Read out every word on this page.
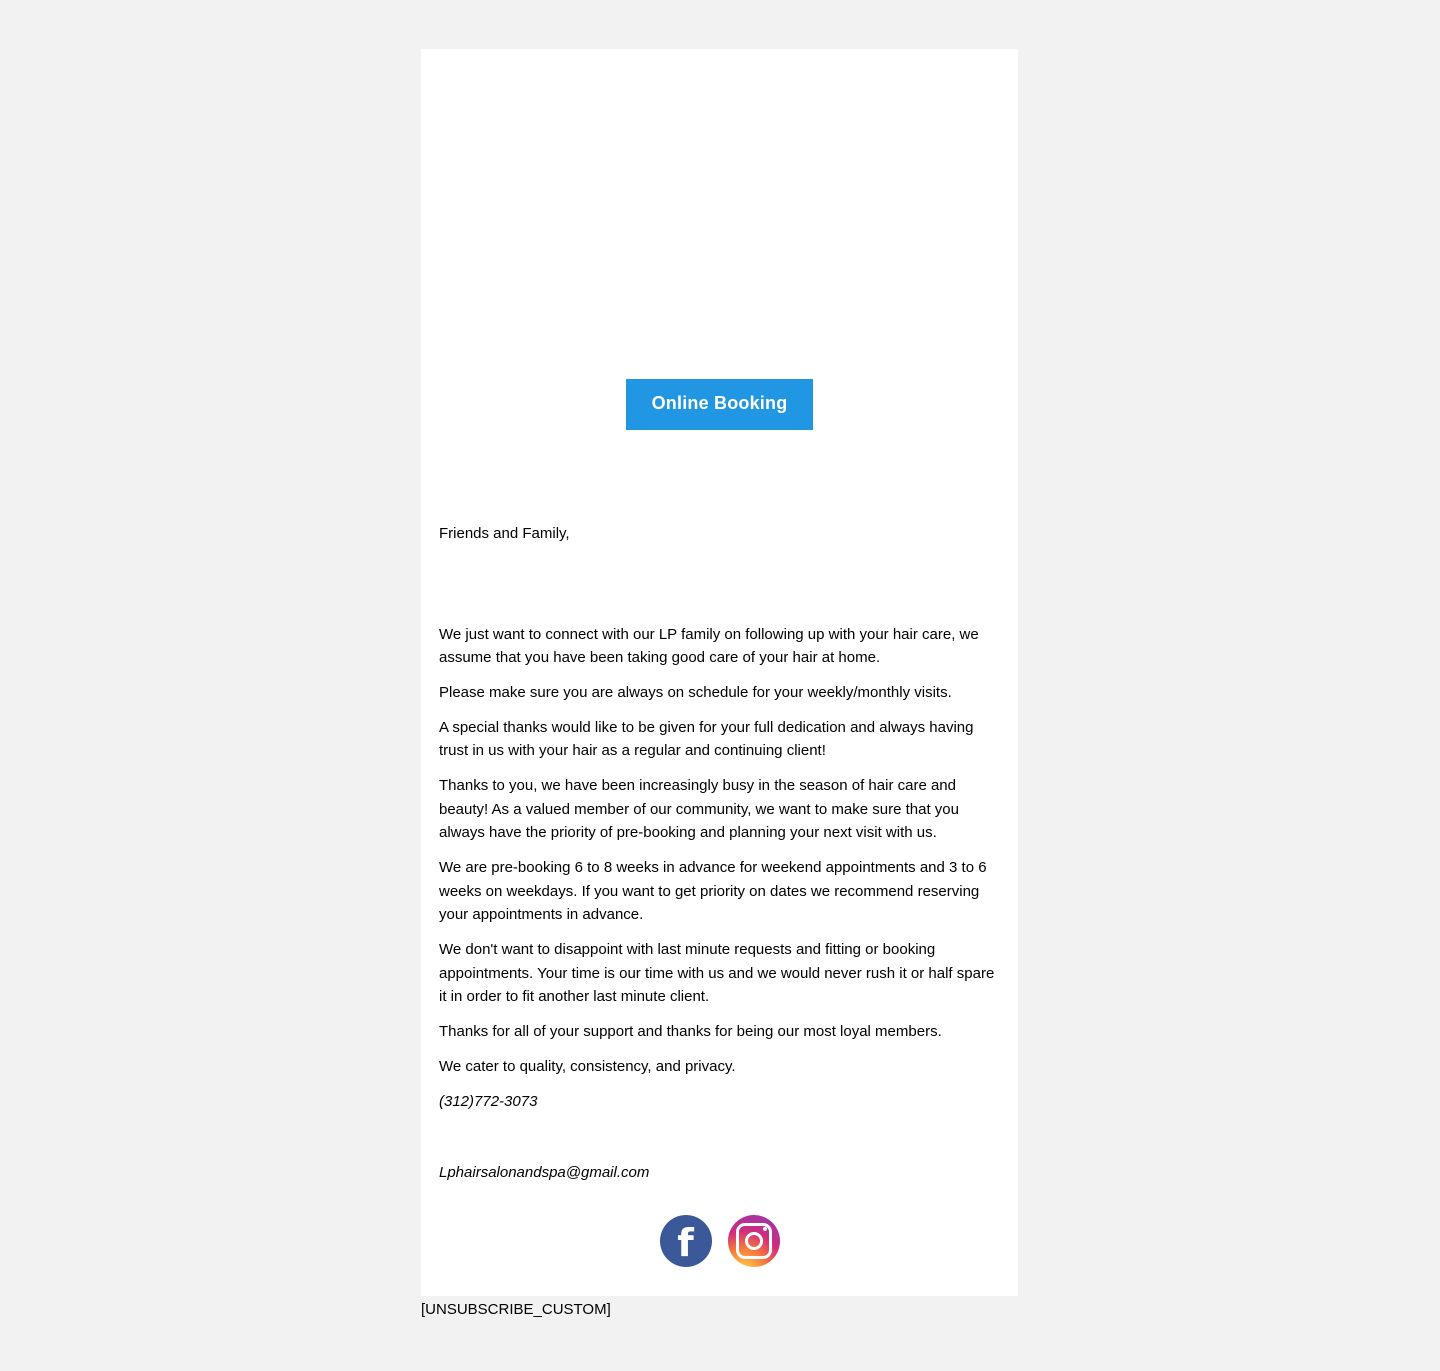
Online Booking
Friends and Family,

We just want to connect with our LP family on following up with your hair care, we assume that you have been taking good care of your hair at home.

Please make sure you are always on schedule for your weekly/monthly visits.

A special thanks would like to be given for your full dedication and always having trust in us with your hair as a regular and continuing client!

Thanks to you, we have been increasingly busy in the season of hair care and beauty! As a valued member of our community, we want to make sure that you always have the priority of pre-booking and planning your next visit with us.

We are pre-booking 6 to 8 weeks in advance for weekend appointments and 3 to 6 weeks on weekdays. If you want to get priority on dates we recommend reserving your appointments in advance.

We don't want to disappoint with last minute requests and fitting or booking appointments. Your time is our time with us and we would never rush it or half spare it in order to fit another last minute client.

Thanks for all of your support and thanks for being our most loyal members.

We cater to quality, consistency, and privacy.

(312)772-3073

Lphairsalonandspa@gmail.com

f
[UNSUBSCRIBE_CUSTOM]
